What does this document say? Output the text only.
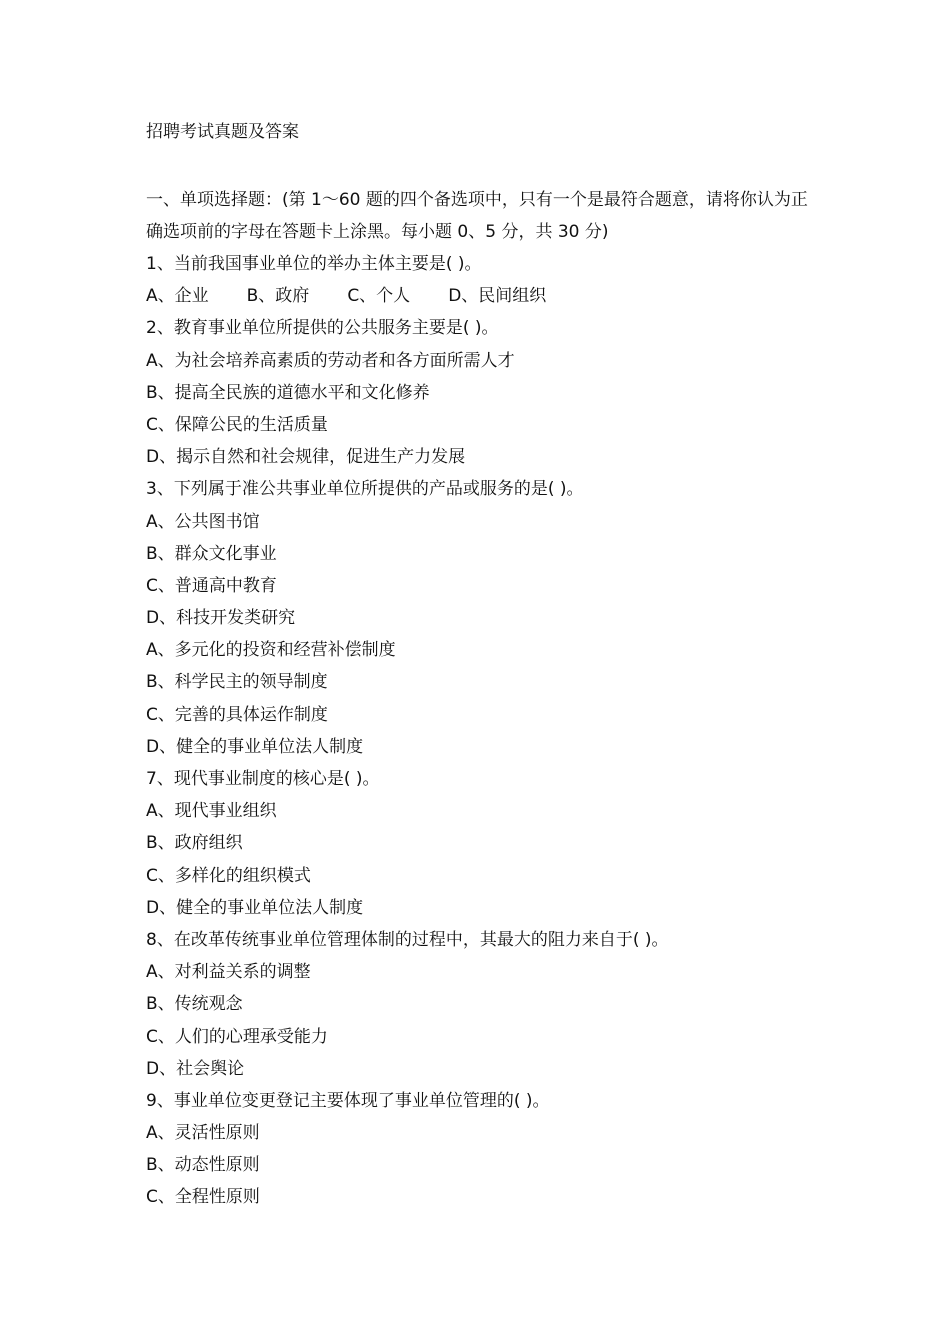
招聘考试真题及答案
一、单项选择题：(第 1～60 题的四个备选项中，只有一个是最符合题意，请将你认为正确选项前的字母在答题卡上涂黑。每小题 0、5 分，共 30 分)
1、当前我国事业单位的举办主体主要是( )。
A、企业 B、政府 C、个人 D、民间组织
2、教育事业单位所提供的公共服务主要是( )。
A、为社会培养高素质的劳动者和各方面所需人才
B、提高全民族的道德水平和文化修养
C、保障公民的生活质量
D、揭示自然和社会规律，促进生产力发展
3、下列属于准公共事业单位所提供的产品或服务的是( )。
A、公共图书馆
B、群众文化事业
C、普通高中教育
D、科技开发类研究
A、多元化的投资和经营补偿制度
B、科学民主的领导制度
C、完善的具体运作制度
D、健全的事业单位法人制度
7、现代事业制度的核心是( )。
A、现代事业组织
B、政府组织
C、多样化的组织模式
D、健全的事业单位法人制度
8、在改革传统事业单位管理体制的过程中，其最大的阻力来自于( )。
A、对利益关系的调整
B、传统观念
C、人们的心理承受能力
D、社会舆论
9、事业单位变更登记主要体现了事业单位管理的( )。
A、灵活性原则
B、动态性原则
C、全程性原则
